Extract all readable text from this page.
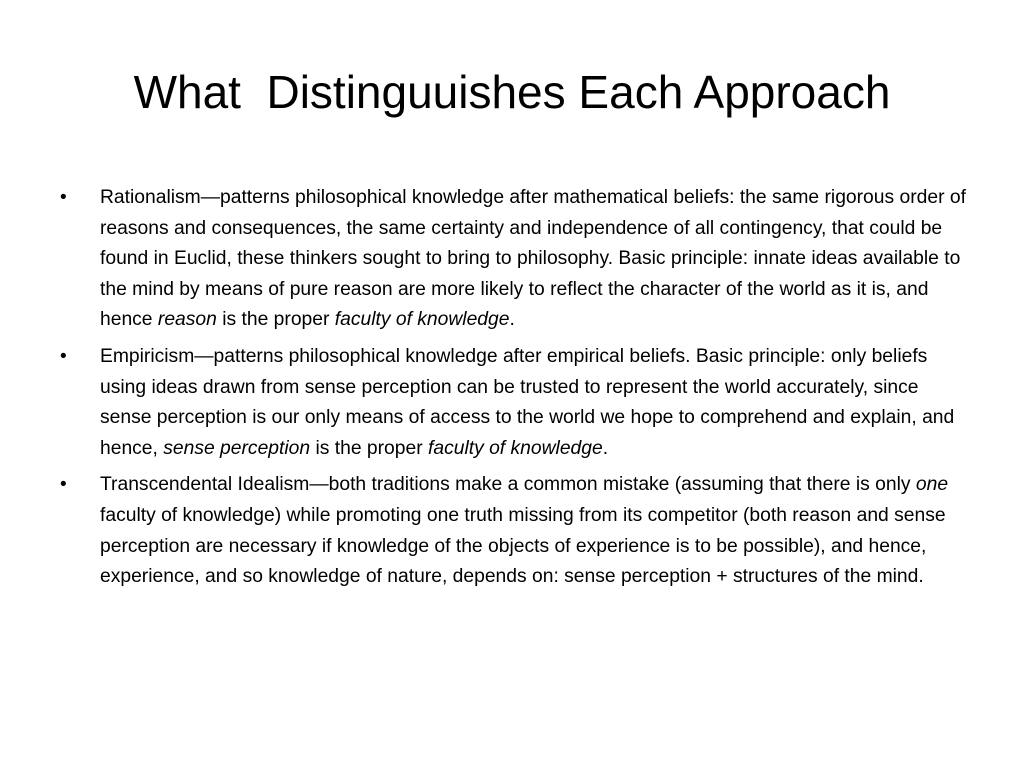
What  Distinguuishes Each Approach
• Rationalism—patterns philosophical knowledge after mathematical beliefs: the same rigorous order of reasons and consequences, the same certainty and independence of all contingency, that could be found in Euclid, these thinkers sought to bring to philosophy. Basic principle: innate ideas available to the mind by means of pure reason are more likely to reflect the character of the world as it is, and hence reason is the proper faculty of knowledge.
• Empiricism—patterns philosophical knowledge after empirical beliefs. Basic principle: only beliefs using ideas drawn from sense perception can be trusted to represent the world accurately, since sense perception is our only means of access to the world we hope to comprehend and explain, and hence, sense perception is the proper faculty of knowledge.
• Transcendental Idealism—both traditions make a common mistake (assuming that there is only one faculty of knowledge) while promoting one truth missing from its competitor (both reason and sense perception are necessary if knowledge of the objects of experience is to be possible), and hence, experience, and so knowledge of nature, depends on: sense perception + structures of the mind.
